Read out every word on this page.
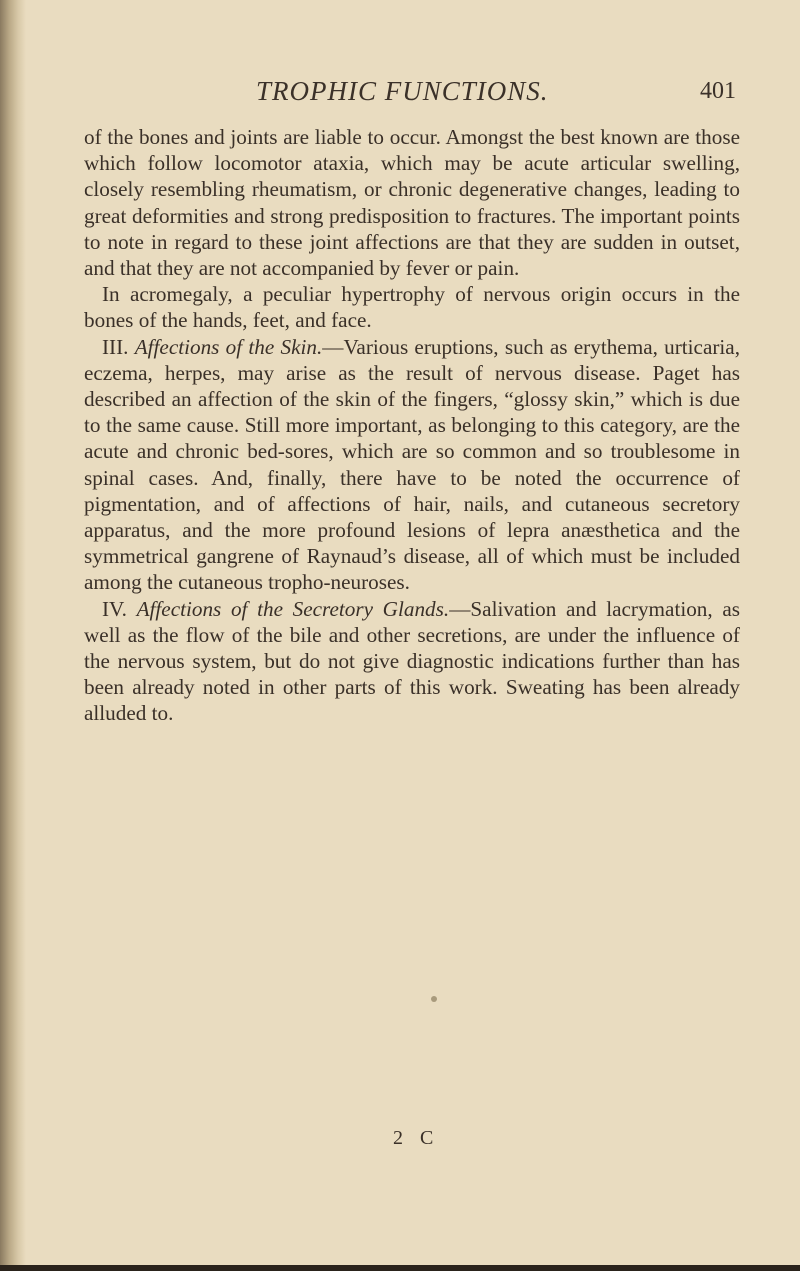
TROPHIC FUNCTIONS.	401

of the bones and joints are liable to occur. Amongst the best known are those which follow locomotor ataxia, which may be acute articular swelling, closely resembling rheumatism, or chronic degenerative changes, leading to great deformities and strong predisposition to fractures. The important points to note in regard to these joint affections are that they are sudden in outset, and that they are not accompanied by fever or pain.

In acromegaly, a peculiar hypertrophy of nervous origin occurs in the bones of the hands, feet, and face.

III. Affections of the Skin.—Various eruptions, such as erythema, urticaria, eczema, herpes, may arise as the result of nervous disease. Paget has described an affection of the skin of the fingers, “glossy skin,” which is due to the same cause. Still more important, as belonging to this category, are the acute and chronic bed-sores, which are so common and so troublesome in spinal cases. And, finally, there have to be noted the occurrence of pigmentation, and of affections of hair, nails, and cutaneous secretory apparatus, and the more profound lesions of lepra anæsthetica and the symmetrical gangrene of Raynaud’s disease, all of which must be included among the cutaneous tropho-neuroses.

IV. Affections of the Secretory Glands.—Salivation and lacrymation, as well as the flow of the bile and other secretions, are under the influence of the nervous system, but do not give diagnostic indications further than has been already noted in other parts of this work. Sweating has been already alluded to.

2 C
